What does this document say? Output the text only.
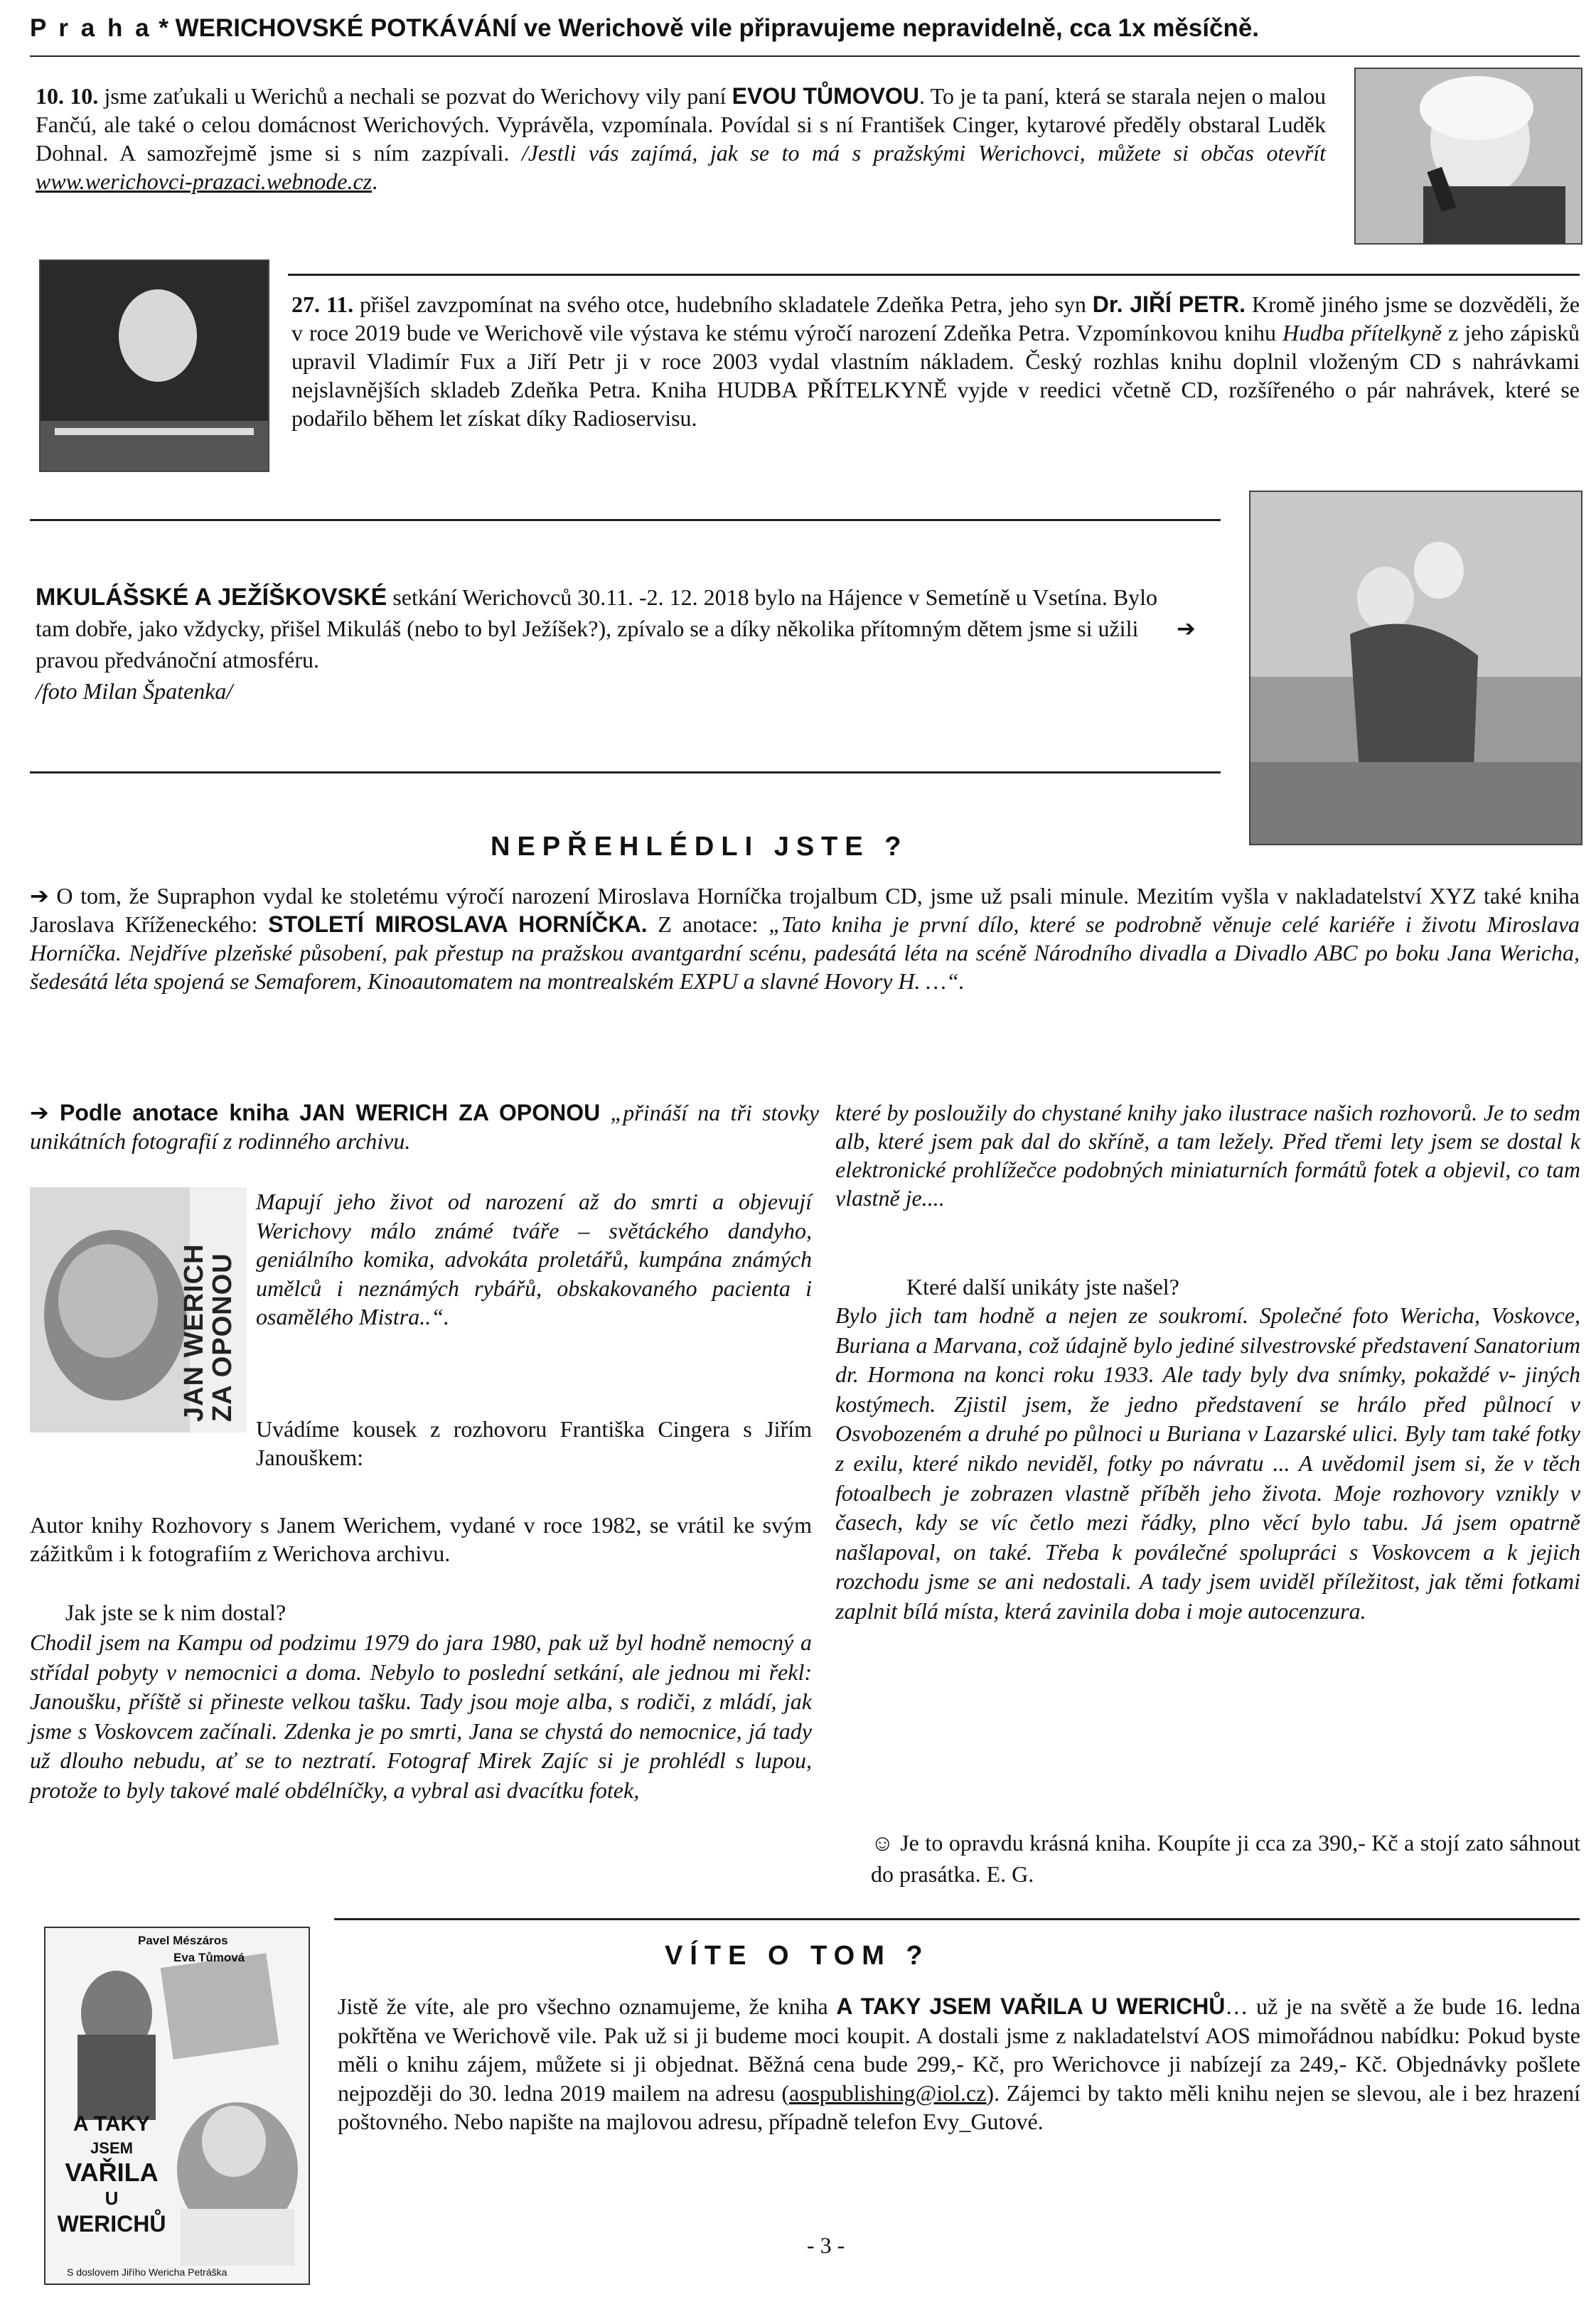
P r a h a * WERICHOVSKÉ POTKÁVÁNÍ ve Werichově vile připravujeme nepravidelně, cca 1x měsíčně.
10. 10. jsme zaťukali u Werichů a nechali se pozvat do Werichovy vily paní EVOU TŮMOVOU. To je ta paní, která se starala nejen o malou Fančú, ale také o celou domácnost Werichových. Vyprávěla, vzpomínala. Povídal si s ní František Cinger, kytarové předěly obstaral Luděk Dohnal. A samozřejmě jsme si s ním zazpívali. /Jestli vás zajímá, jak se to má s pražskými Werichovci, můžete si občas otevřít www.werichovci-prazaci.webnode.cz.
27. 11. přišel zavzpomínat na svého otce, hudebního skladatele Zdeňka Petra, jeho syn Dr. JIŘÍ PETR. Kromě jiného jsme se dozvěděli, že v roce 2019 bude ve Werichově vile výstava ke stému výročí narození Zdeňka Petra. Vzpomínkovou knihu Hudba přítelkyně z jeho zápisků upravil Vladimír Fux a Jiří Petr ji v roce 2003 vydal vlastním nákladem. Český rozhlas knihu doplnil vloženým CD s nahrávkami nejslavnějších skladeb Zdeňka Petra. Kniha HUDBA PŘÍTELKYNĚ vyjde v reedici včetně CD, rozšířeného o pár nahrávek, které se podařilo během let získat díky Radioservisu.
MKULÁŠSKÉ A JEŽÍŠKOVSKÉ setkání Werichovců 30.11. -2. 12. 2018 bylo na Hájence v Semetíně u Vsetína. Bylo tam dobře, jako vždycky, přišel Mikuláš (nebo to byl Ježíšek?), zpívalo se a díky několika přítomným dětem jsme si užili pravou předvánoční atmosféru.
/foto Milan Špatenka/
➔
NEPŘEHLÉDLI JSTE ?
➔ O tom, že Supraphon vydal ke stoletému výročí narození Miroslava Horníčka trojalbum CD, jsme už psali minule. Mezitím vyšla v nakladatelství XYZ také kniha Jaroslava Kříženeckého: STOLETÍ MIROSLAVA HORNÍČKA. Z anotace: „Tato kniha je první dílo, které se podrobně věnuje celé kariéře i životu Miroslava Horníčka. Nejdříve plzeňské působení, pak přestup na pražskou avantgardní scénu, padesátá léta na scéně Národního divadla a Divadlo ABC po boku Jana Wericha, šedesátá léta spojená se Semaforem, Kinoautomatem na montrealském EXPU a slavné Hovory H. …“.
➔ Podle anotace kniha JAN WERICH ZA OPONOU „přináší na tři stovky unikátních fotografií z rodinného archivu.
JAN WERICH
ZA OPONOU
Mapují jeho život od narození až do smrti a objevují Werichovy málo známé tváře – světáckého dandyho, geniálního komika, advokáta proletářů, kumpána známých umělců i neznámých rybářů, obskakovaného pacienta i osamělého Mistra..“.
Uvádíme kousek z rozhovoru Františka Cingera s Jiřím Janouškem:
Autor knihy Rozhovory s Janem Werichem, vydané v roce 1982, se vrátil ke svým zážitkům i k fotografiím z Werichova archivu.
Jak jste se k nim dostal?
Chodil jsem na Kampu od podzimu 1979 do jara 1980, pak už byl hodně nemocný a střídal pobyty v nemocnici a doma. Nebylo to poslední setkání, ale jednou mi řekl: Janoušku, příště si přineste velkou tašku. Tady jsou moje alba, s rodiči, z mládí, jak jsme s Voskovcem začínali. Zdenka je po smrti, Jana se chystá do nemocnice, já tady už dlouho nebudu, ať se to neztratí. Fotograf Mirek Zajíc si je prohlédl s lupou, protože to byly takové malé obdélníčky, a vybral asi dvacítku fotek,
které by posloužily do chystané knihy jako ilustrace našich rozhovorů. Je to sedm alb, které jsem pak dal do skříně, a tam ležely. Před třemi lety jsem se dostal k elektronické prohlížečce podobných miniaturních formátů fotek a objevil, co tam vlastně je....
Které další unikáty jste našel?
Bylo jich tam hodně a nejen ze soukromí. Společné foto Wericha, Voskovce, Buriana a Marvana, což údajně bylo jediné silvestrovské představení Sanatorium dr. Hormona na konci roku 1933. Ale tady byly dva snímky, pokaždé v- jiných kostýmech. Zjistil jsem, že jedno představení se hrálo před půlnocí v Osvobozeném a druhé po půlnoci u Buriana v Lazarské ulici. Byly tam také fotky z exilu, které nikdo neviděl, fotky po návratu ... A uvědomil jsem si, že v těch fotoalbech je zobrazen vlastně příběh jeho života. Moje rozhovory vznikly v časech, kdy se víc četlo mezi řádky, plno věcí bylo tabu. Já jsem opatrně našlapoval, on také. Třeba k poválečné spolupráci s Voskovcem a k jejich rozchodu jsme se ani nedostali. A tady jsem uviděl příležitost, jak těmi fotkami zaplnit bílá místa, která zavinila doba i moje autocenzura.
☺ Je to opravdu krásná kniha. Koupíte ji cca za 390,- Kč a stojí zato sáhnout do prasátka. E. G.
VÍTE O TOM ?
Pavel Mészáros
Eva Tůmová
A TAKY
JSEM
VAŘILA
U
WERICHŮ
S doslovem Jiřího Wericha Petráška
Jistě že víte, ale pro všechno oznamujeme, že kniha A TAKY JSEM VAŘILA U WERICHŮ… už je na světě a že bude 16. ledna pokřtěna ve Werichově vile. Pak už si ji budeme moci koupit. A dostali jsme z nakladatelství AOS mimořádnou nabídku: Pokud byste měli o knihu zájem, můžete si ji objednat. Běžná cena bude 299,- Kč, pro Werichovce ji nabízejí za 249,- Kč. Objednávky pošlete nejpozději do 30. ledna 2019 mailem na adresu (aospublishing@iol.cz). Zájemci by takto měli knihu nejen se slevou, ale i bez hrazení poštovného. Nebo napište na majlovou adresu, případně telefon Evy_Gutové.
- 3 -
